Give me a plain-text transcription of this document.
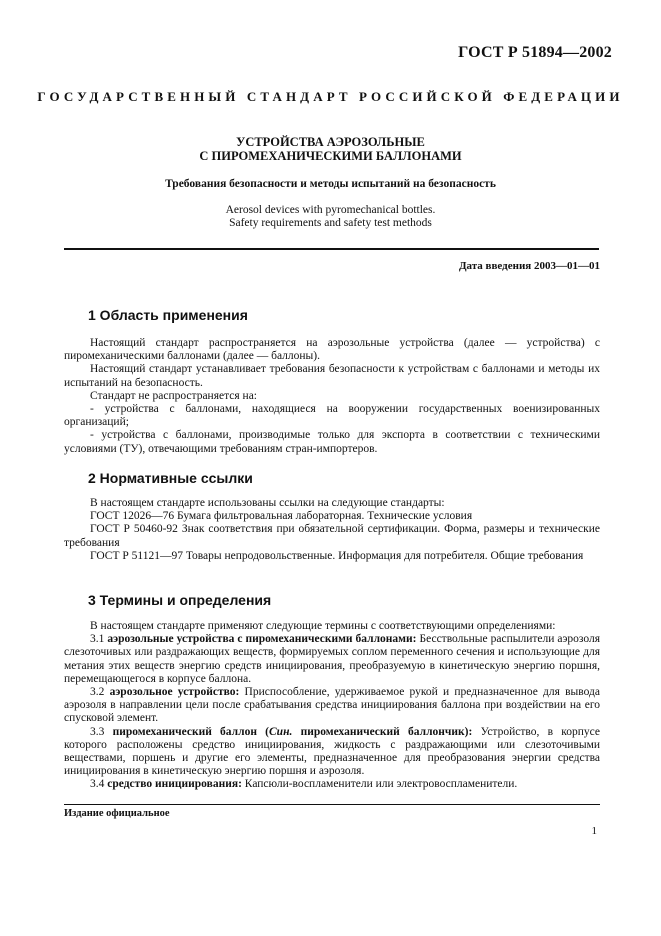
ГОСТ Р 51894—2002
ГОСУДАРСТВЕННЫЙ СТАНДАРТ РОССИЙСКОЙ ФЕДЕРАЦИИ
УСТРОЙСТВА АЭРОЗОЛЬНЫЕ
С ПИРОМЕХАНИЧЕСКИМИ БАЛЛОНАМИ
Требования безопасности и методы испытаний на безопасность
Aerosol devices with pyromechanical bottles.
Safety requirements and safety test methods
Дата введения 2003—01—01
1 Область применения

Настоящий стандарт распространяется на аэрозольные устройства (далее — устройства) с пиромеханическими баллонами (далее — баллоны).

Настоящий стандарт устанавливает требования безопасности к устройствам с баллонами и методы их испытаний на безопасность.

Стандарт не распространяется на:

- устройства с баллонами, находящиеся на вооружении государственных военизированных организаций;

- устройства с баллонами, производимые только для экспорта в соответствии с техническими условиями (ТУ), отвечающими требованиям стран-импортеров.

2 Нормативные ссылки

В настоящем стандарте использованы ссылки на следующие стандарты:

ГОСТ 12026—76 Бумага фильтровальная лабораторная. Технические условия

ГОСТ Р 50460-92 Знак соответствия при обязательной сертификации. Форма, размеры и технические требования

ГОСТ Р 51121—97 Товары непродовольственные. Информация для потребителя. Общие требования

3 Термины и определения

В настоящем стандарте применяют следующие термины с соответствующими определениями:

3.1 аэрозольные устройства с пиромеханическими баллонами: Бесствольные распылители аэрозоля слезоточивых или раздражающих веществ, формируемых соплом переменного сечения и использующие для метания этих веществ энергию средств инициирования, преобразуемую в кинетическую энергию поршня, перемещающегося в корпусе баллона.

3.2 аэрозольное устройство: Приспособление, удерживаемое рукой и предназначенное для вывода аэрозоля в направлении цели после срабатывания средства инициирования баллона при воздействии на его спусковой элемент.

3.3 пиромеханический баллон (Син. пиромеханический баллончик): Устройство, в корпусе которого расположены средство инициирования, жидкость с раздражающими или слезоточивыми веществами, поршень и другие его элементы, предназначенное для преобразования энергии средства инициирования в кинетическую энергию поршня и аэрозоля.

3.4 средство инициирования: Капсюли-воспламенители или электровоспламенители.

Издание официальное
1
